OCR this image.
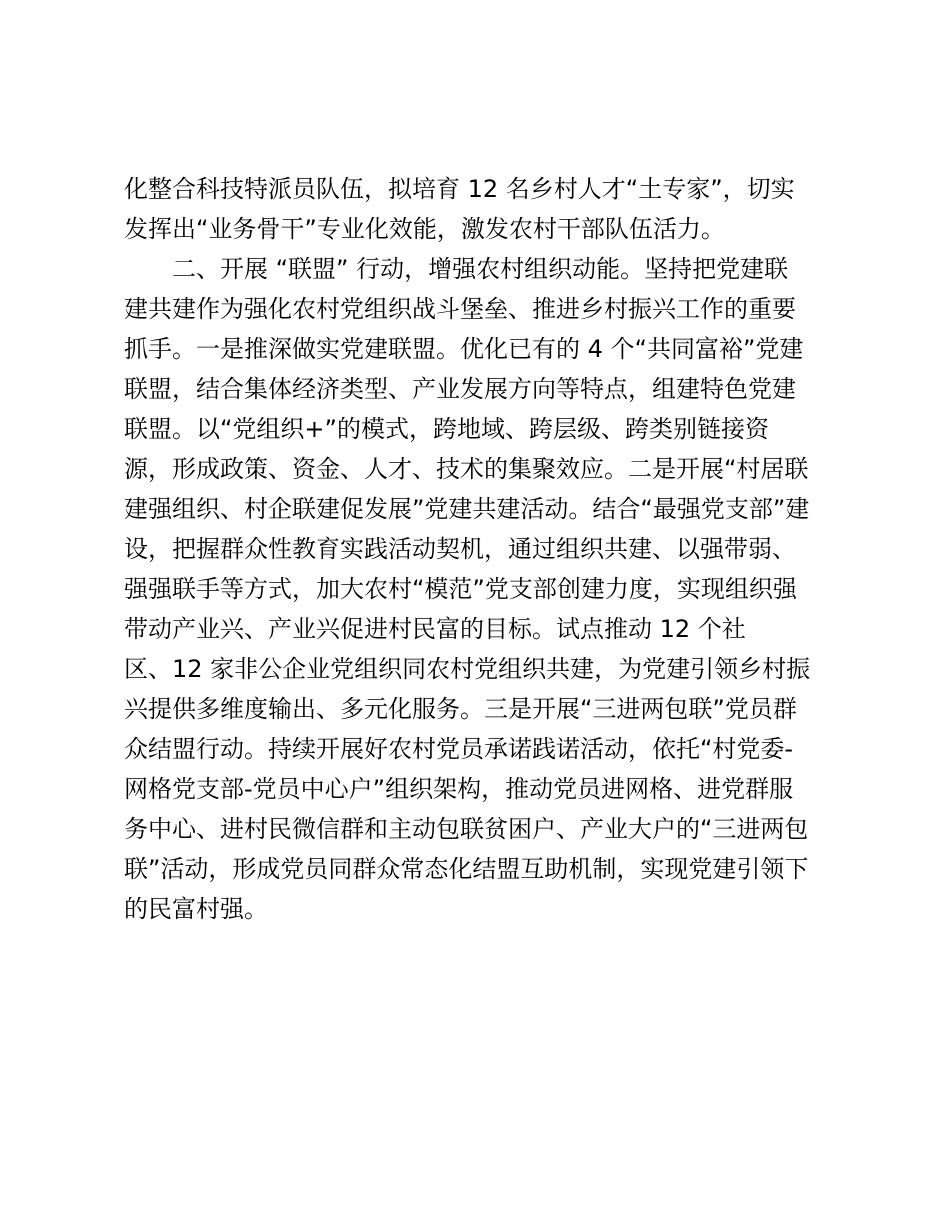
化整合科技特派员队伍，拟培育 12 名乡村人才“土专家”，切实
发挥出“业务骨干”专业化效能，激发农村干部队伍活力。
　　二、开展 “联盟” 行动，增强农村组织动能。坚持把党建联
建共建作为强化农村党组织战斗堡垒、推进乡村振兴工作的重要
抓手。一是推深做实党建联盟。优化已有的 4 个“共同富裕”党建
联盟，结合集体经济类型、产业发展方向等特点，组建特色党建
联盟。以“党组织+”的模式，跨地域、跨层级、跨类别链接资
源，形成政策、资金、人才、技术的集聚效应。二是开展“村居联
建强组织、村企联建促发展”党建共建活动。结合“最强党支部”建
设，把握群众性教育实践活动契机，通过组织共建、以强带弱、
强强联手等方式，加大农村“模范”党支部创建力度，实现组织强
带动产业兴、产业兴促进村民富的目标。试点推动 12 个社
区、12 家非公企业党组织同农村党组织共建，为党建引领乡村振
兴提供多维度输出、多元化服务。三是开展“三进两包联”党员群
众结盟行动。持续开展好农村党员承诺践诺活动，依托“村党委-
网格党支部-党员中心户”组织架构，推动党员进网格、进党群服
务中心、进村民微信群和主动包联贫困户、产业大户的“三进两包
联”活动，形成党员同群众常态化结盟互助机制，实现党建引领下
的民富村强。
